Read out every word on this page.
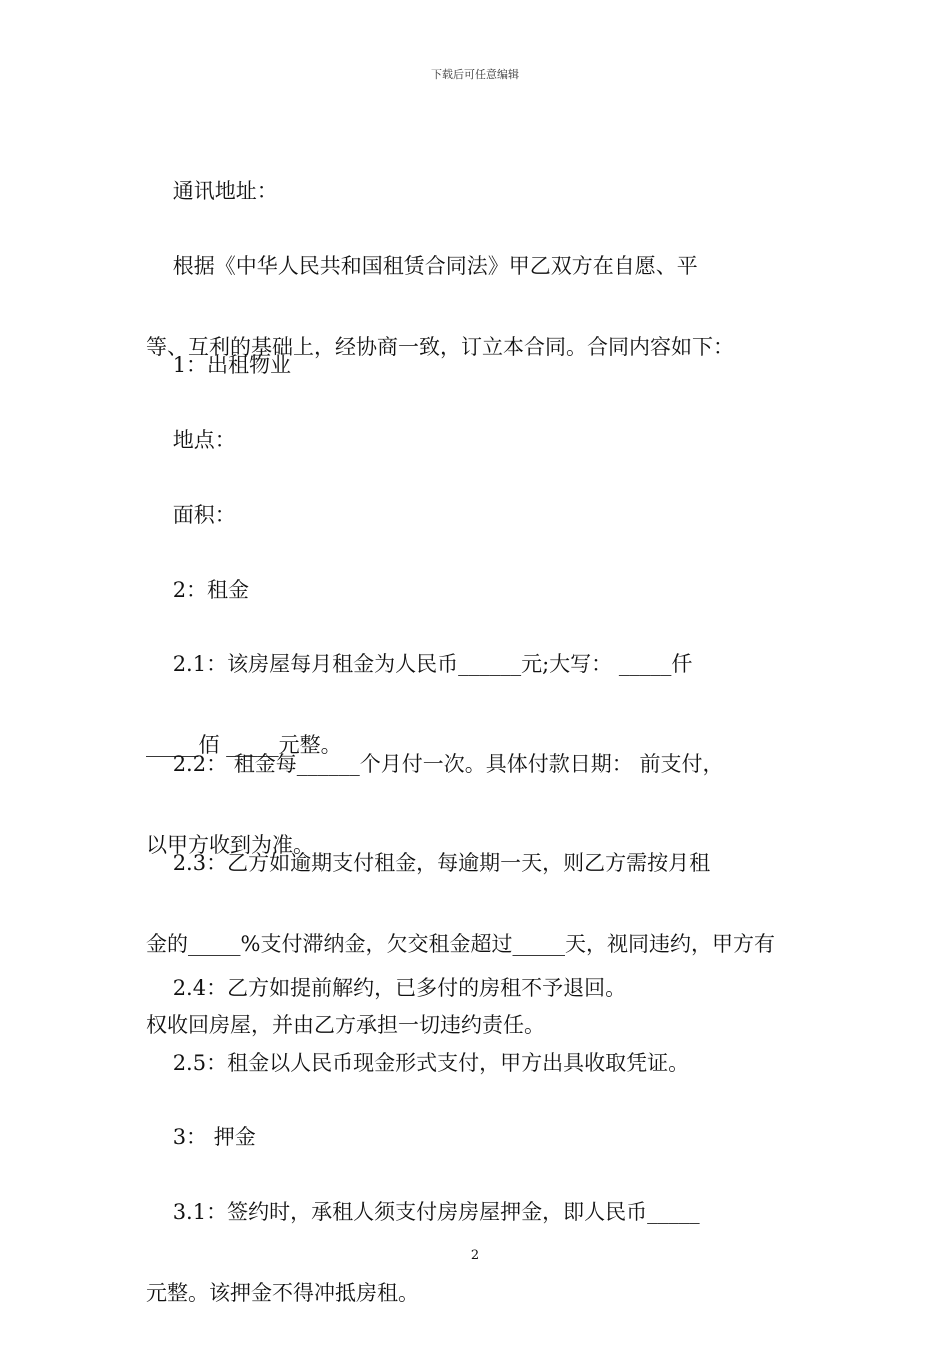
下载后可任意编辑

通讯地址：

根据《中华人民共和国租赁合同法》甲乙双方在自愿、平

等、互利的基础上，经协商一致，订立本合同。合同内容如下：

1：出租物业

地点：

面积：

2：租金

2.1：该房屋每月租金为人民币______元;大写： _____仟

_____佰 _____元整。

2.2： 租金每______个月付一次。具体付款日期： 前支付，

以甲方收到为准。

2.3：乙方如逾期支付租金，每逾期一天，则乙方需按月租

金的_____%支付滞纳金，欠交租金超过_____天，视同违约，甲方有

权收回房屋，并由乙方承担一切违约责任。

2.4：乙方如提前解约，已多付的房租不予退回。

2.5：租金以人民币现金形式支付，甲方出具收取凭证。

3： 押金

3.1：签约时，承租人须支付房房屋押金，即人民币_____

元整。该押金不得冲抵房租。

2
